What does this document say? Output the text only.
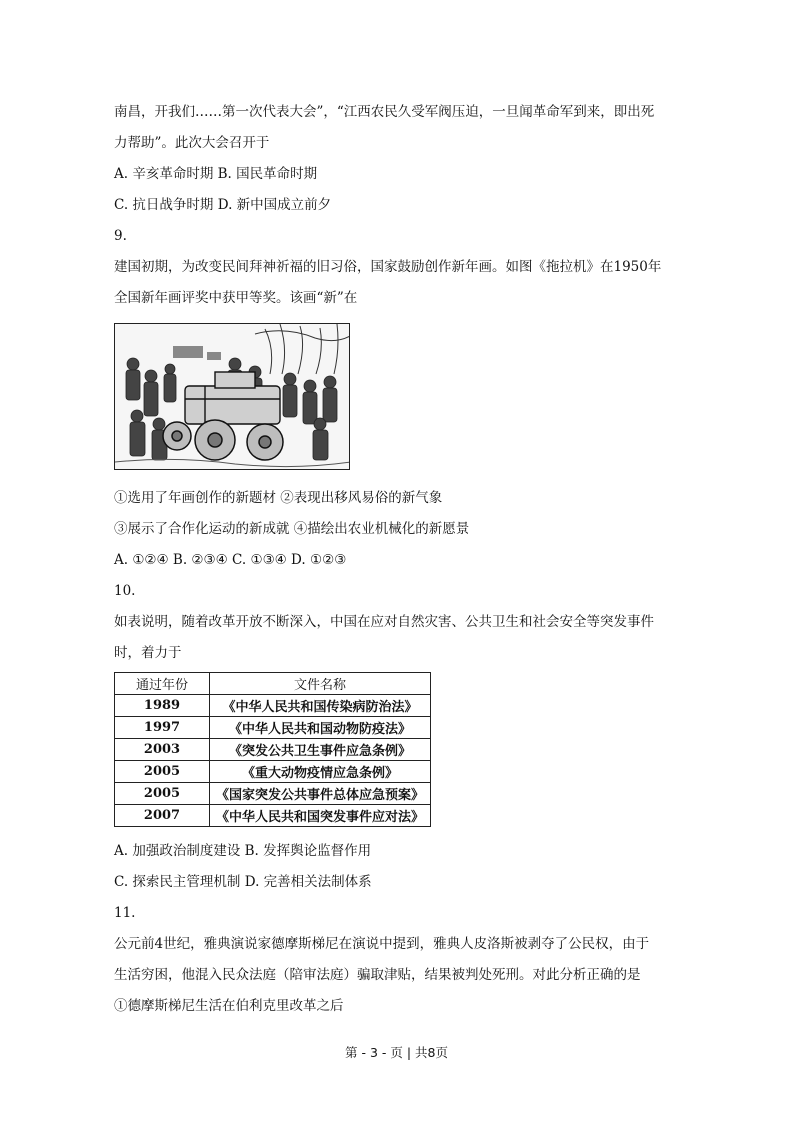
南昌，开我们……第一次代表大会”，“江西农民久受军阀压迫，一旦闻革命军到来，即出死
力帮助”。此次大会召开于
A. 辛亥革命时期 B. 国民革命时期
C. 抗日战争时期 D. 新中国成立前夕
9.
建国初期，为改变民间拜神祈福的旧习俗，国家鼓励创作新年画。如图《拖拉机》在1950年
全国新年画评奖中获甲等奖。该画“新”在
①选用了年画创作的新题材 ②表现出移风易俗的新气象
③展示了合作化运动的新成就 ④描绘出农业机械化的新愿景
A. ①②④ B. ②③④ C. ①③④ D. ①②③
10.
如表说明，随着改革开放不断深入，中国在应对自然灾害、公共卫生和社会安全等突发事件
时，着力于
通过年份	文件名称
1989	《中华人民共和国传染病防治法》
1997	《中华人民共和国动物防疫法》
2003	《突发公共卫生事件应急条例》
2005	《重大动物疫情应急条例》
2005	《国家突发公共事件总体应急预案》
2007	《中华人民共和国突发事件应对法》
A. 加强政治制度建设 B. 发挥舆论监督作用
C. 探索民主管理机制 D. 完善相关法制体系
11.
公元前4世纪，雅典演说家德摩斯梯尼在演说中提到，雅典人皮洛斯被剥夺了公民权，由于
生活穷困，他混入民众法庭（陪审法庭）骗取津贴，结果被判处死刑。对此分析正确的是
①德摩斯梯尼生活在伯利克里改革之后
第 - 3 - 页 | 共8页
